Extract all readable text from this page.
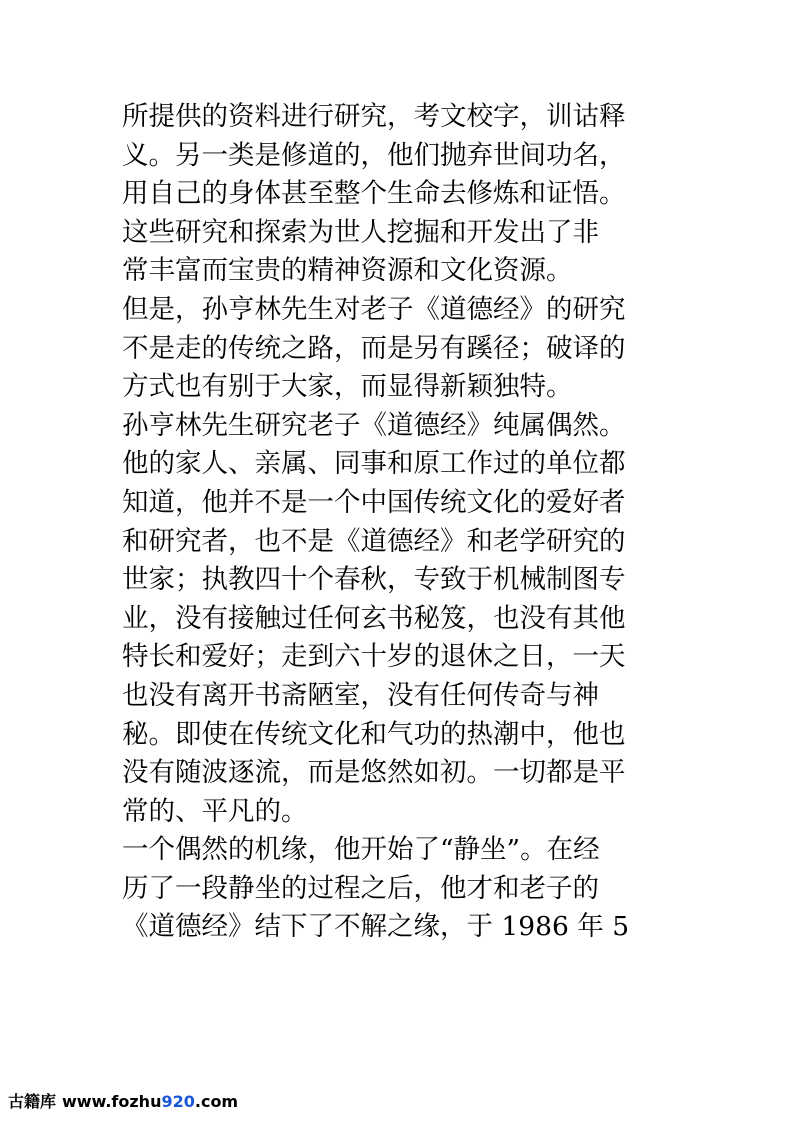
所提供的资料进行研究，考文校字，训诂释
义。另一类是修道的，他们抛弃世间功名，
用自己的身体甚至整个生命去修炼和证悟。
这些研究和探索为世人挖掘和开发出了非
常丰富而宝贵的精神资源和文化资源。
但是，孙亨林先生对老子《道德经》的研究
不是走的传统之路，而是另有蹊径；破译的
方式也有别于大家，而显得新颖独特。
孙亨林先生研究老子《道德经》纯属偶然。
他的家人、亲属、同事和原工作过的单位都
知道，他并不是一个中国传统文化的爱好者
和研究者，也不是《道德经》和老学研究的
世家；执教四十个春秋，专致于机械制图专
业，没有接触过任何玄书秘笈，也没有其他
特长和爱好；走到六十岁的退休之日，一天
也没有离开书斋陋室，没有任何传奇与神
秘。即使在传统文化和气功的热潮中，他也
没有随波逐流，而是悠然如初。一切都是平
常的、平凡的。
一个偶然的机缘，他开始了“静坐”。在经
历了一段静坐的过程之后，他才和老子的
《道德经》结下了不解之缘，于 1986 年 5
古籍库 www.fozhu920.com
